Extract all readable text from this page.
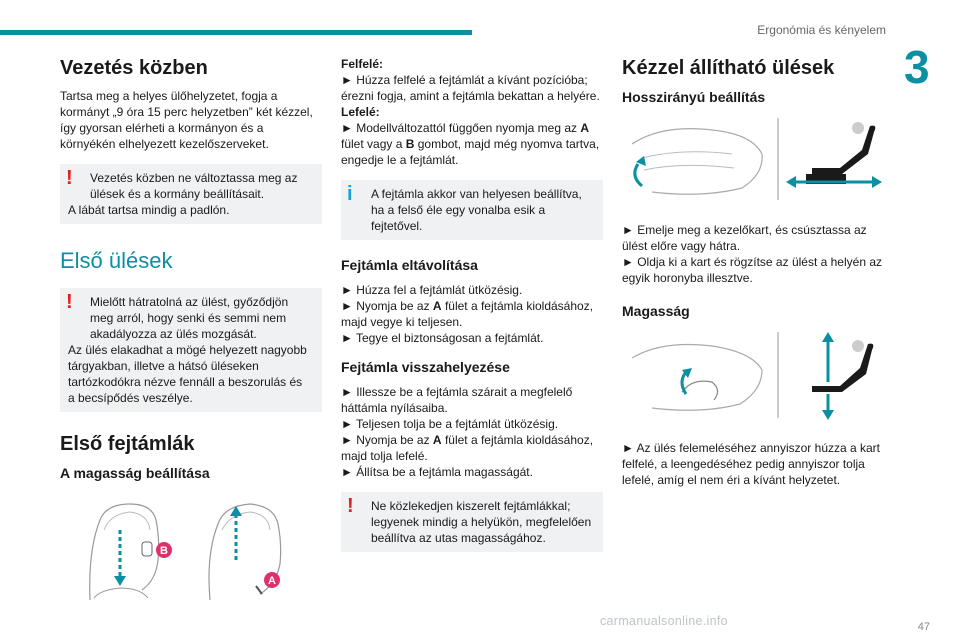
Ergonómia és kényelem
3
47
carmanualsonline.info
Vezetés közben

Tartsa meg a helyes ülőhelyzetet, fogja a kormányt „9 óra 15 perc helyzetben” két kézzel, így gyorsan elérheti a kormányon és a környékén elhelyezett kezelőszerveket.

!	Vezetés közben ne változtassa meg az ülések és a kormány beállításait.
A lábát tartsa mindig a padlón.
Első ülések
!	Mielőtt hátratolná az ülést, győződjön meg arról, hogy senki és semmi nem akadályozza az ülés mozgását.
Az ülés elakadhat a mögé helyezett nagyobb tárgyakban, illetve a hátsó üléseken tartózkodókra nézve fennáll a beszorulás és a becsípődés veszélye.
Első fejtámlák
A magasság beállítása
B
A

Felfelé:

► Húzza felfelé a fejtámlát a kívánt pozícióba; érezni fogja, amint a fejtámla bekattan a helyére.

Lefelé:

► Modellváltozattól függően nyomja meg az A fület vagy a B gombot, majd még nyomva tartva, engedje le a fejtámlát.

i	A fejtámla akkor van helyesen beállítva, ha a felső éle egy vonalba esik a fejtetővel.
Fejtámla eltávolítása

► Húzza fel a fejtámlát ütközésig.

► Nyomja be az A fület a fejtámla kioldásához, majd vegye ki teljesen.

► Tegye el biztonságosan a fejtámlát.

Fejtámla visszahelyezése

► Illessze be a fejtámla szárait a megfelelő háttámla nyílásaiba.

► Teljesen tolja be a fejtámlát ütközésig.

► Nyomja be az A fület a fejtámla kioldásához, majd tolja lefelé.

► Állítsa be a fejtámla magasságát.

!	Ne közlekedjen kiszerelt fejtámlákkal; legyenek mindig a helyükön, megfelelően beállítva az utas magasságához.
Kézzel állítható ülések
Hosszirányú beállítás

► Emelje meg a kezelőkart, és csúsztassa az ülést előre vagy hátra.

► Oldja ki a kart és rögzítse az ülést a helyén az egyik horonyba illesztve.

Magasság

► Az ülés felemeléséhez annyiszor húzza a kart felfelé, a leengedéséhez pedig annyiszor tolja lefelé, amíg el nem éri a kívánt helyzetet.
